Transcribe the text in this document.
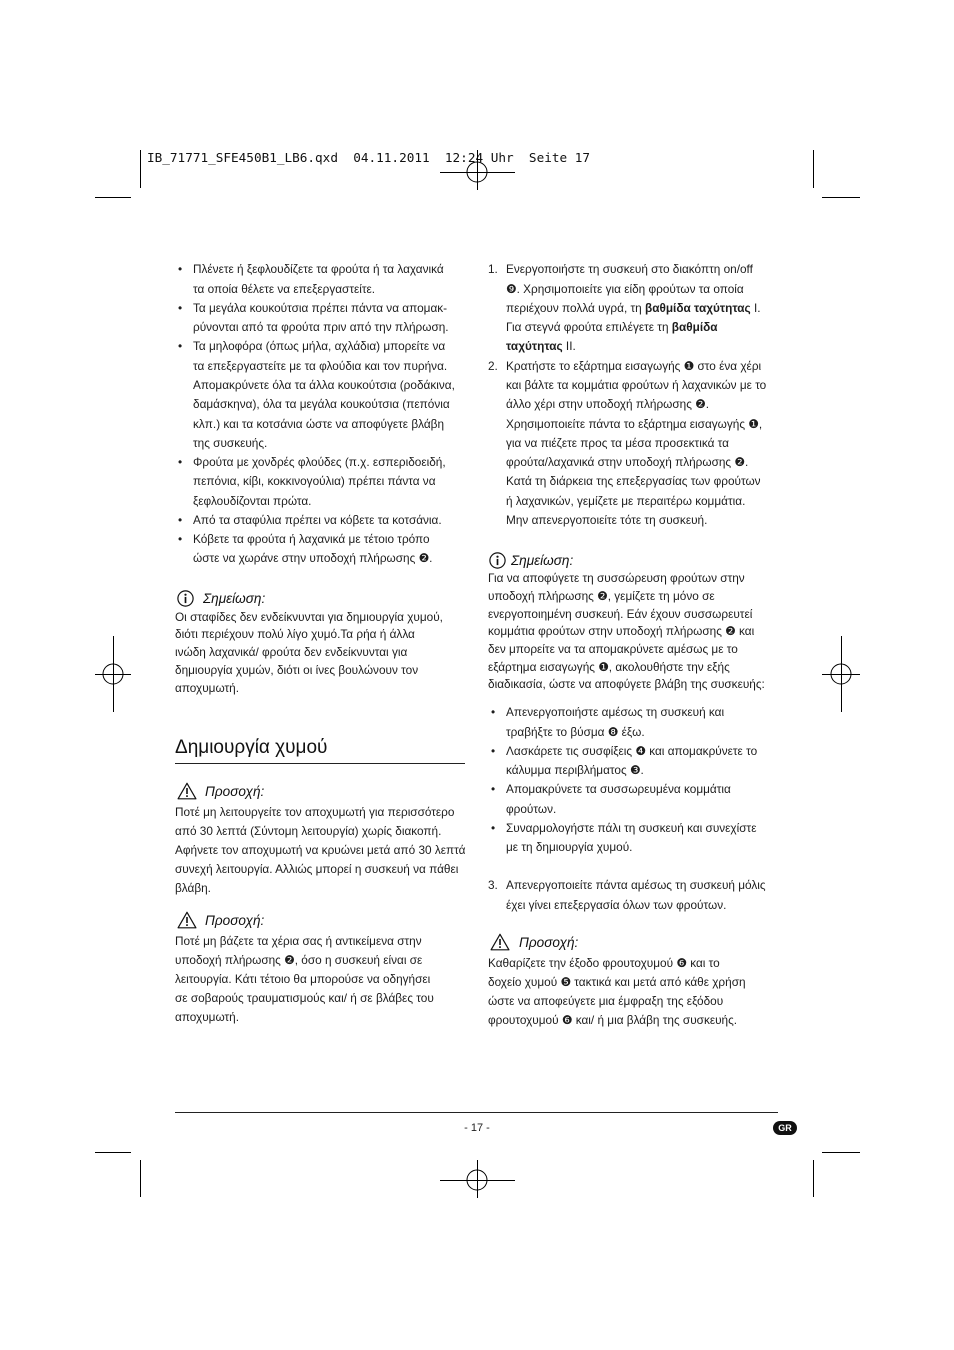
IB_71771_SFE450B1_LB6.qxd  04.11.2011  12:24 Uhr  Seite 17
• Πλένετε ή ξεφλουδίζετε τα φρούτα ή τα λαχανικά
τα οποία θέλετε να επεξεργαστείτε.
• Τα μεγάλα κουκούτσια πρέπει πάντα να απομακ-
ρύνονται από τα φρούτα πριν από την πλήρωση.
• Τα μηλοφόρα (όπως μήλα, αχλάδια) μπορείτε να
τα επεξεργαστείτε με τα φλούδια και τον πυρήνα.
Απομακρύνετε όλα τα άλλα κουκούτσια (ροδάκινα,
δαμάσκηνα), όλα τα μεγάλα κουκούτσια (πεπόνια
κλπ.) και τα κοτσάνια ώστε να αποφύγετε βλάβη
της συσκευής.
• Φρούτα με χονδρές φλούδες (π.χ. εσπεριδοειδή,
πεπόνια, κίβι, κοκκινογούλια) πρέπει πάντα να
ξεφλουδίζονται πρώτα.
• Από τα σταφύλια πρέπει να κόβετε τα κοτσάνια.
• Κόβετε τα φρούτα ή λαχανικά με τέτοιο τρόπο
ώστε να χωράνε στην υποδοχή πλήρωσης ❷.
Σημείωση:
Οι σταφίδες δεν ενδείκνυνται για δημιουργία χυμού,
διότι περιέχουν πολύ λίγο χυμό.Τα ρήα ή άλλα
ινώδη λαχανικά/ φρούτα δεν ενδείκνυνται για
δημιουργία χυμών, διότι οι ίνες βουλώνουν τον
αποχυμωτή.
Δημιουργία χυμού
Προσοχή:
Ποτέ μη λειτουργείτε τον αποχυμωτή για περισσότερο
από 30 λεπτά (Σύντομη λειτουργία) χωρίς διακοπή.
Αφήνετε τον αποχυμωτή να κρυώνει μετά από 30 λεπτά
συνεχή λειτουργία. Αλλιώς μπορεί η συσκευή να πάθει
βλάβη.
Προσοχή:
Ποτέ μη βάζετε τα χέρια σας ή αντικείμενα στην
υποδοχή πλήρωσης ❷, όσο η συσκευή είναι σε
λειτουργία. Κάτι τέτοιο θα μπορούσε να οδηγήσει
σε σοβαρούς τραυματισμούς και/ ή σε βλάβες του
αποχυμωτή.
1. Ενεργοποιήστε τη συσκευή στο διακόπτη on/off
❾. Χρησιμοποιείτε για είδη φρούτων τα οποία
περιέχουν πολλά υγρά, τη βαθμίδα ταχύτητας I.
Για στεγνά φρούτα επιλέγετε τη βαθμίδα
ταχύτητας II.
2. Κρατήστε το εξάρτημα εισαγωγής ❶ στο ένα χέρι
και βάλτε τα κομμάτια φρούτων ή λαχανικών με το
άλλο χέρι στην υποδοχή πλήρωσης ❷.
Χρησιμοποιείτε πάντα το εξάρτημα εισαγωγής ❶,
για να πιέζετε προς τα μέσα προσεκτικά τα
φρούτα/λαχανικά στην υποδοχή πλήρωσης ❷.
Κατά τη διάρκεια της επεξεργασίας των φρούτων
ή λαχανικών, γεμίζετε με περαιτέρω κομμάτια.
Μην απενεργοποιείτε τότε τη συσκευή.
Σημείωση:
Για να αποφύγετε τη συσσώρευση φρούτων στην
υποδοχή πλήρωσης ❷, γεμίζετε τη μόνο σε
ενεργοποιημένη συσκευή. Εάν έχουν συσσωρευτεί
κομμάτια φρούτων στην υποδοχή πλήρωσης ❷ και
δεν μπορείτε να τα απομακρύνετε αμέσως με το
εξάρτημα εισαγωγής ❶, ακολουθήστε την εξής
διαδικασία, ώστε να αποφύγετε βλάβη της συσκευής:
• Απενεργοποιήστε αμέσως τη συσκευή και
τραβήξτε το βύσμα ❽ έξω.
• Λασκάρετε τις συσφίξεις ❹ και απομακρύνετε το
κάλυμμα περιβλήματος ❸.
• Απομακρύνετε τα συσσωρευμένα κομμάτια
φρούτων.
• Συναρμολογήστε πάλι τη συσκευή και συνεχίστε
με τη δημιουργία χυμού.
3. Απενεργοποιείτε πάντα αμέσως τη συσκευή μόλις
έχει γίνει επεξεργασία όλων των φρούτων.
Προσοχή:
Καθαρίζετε την έξοδο φρουτοχυμού ❻ και το
δοχείο χυμού ❺ τακτικά και μετά από κάθε χρήση
ώστε να αποφεύγετε μια έμφραξη της εξόδου
φρουτοχυμού ❻ και/ ή μια βλάβη της συσκευής.
- 17 -	GR
